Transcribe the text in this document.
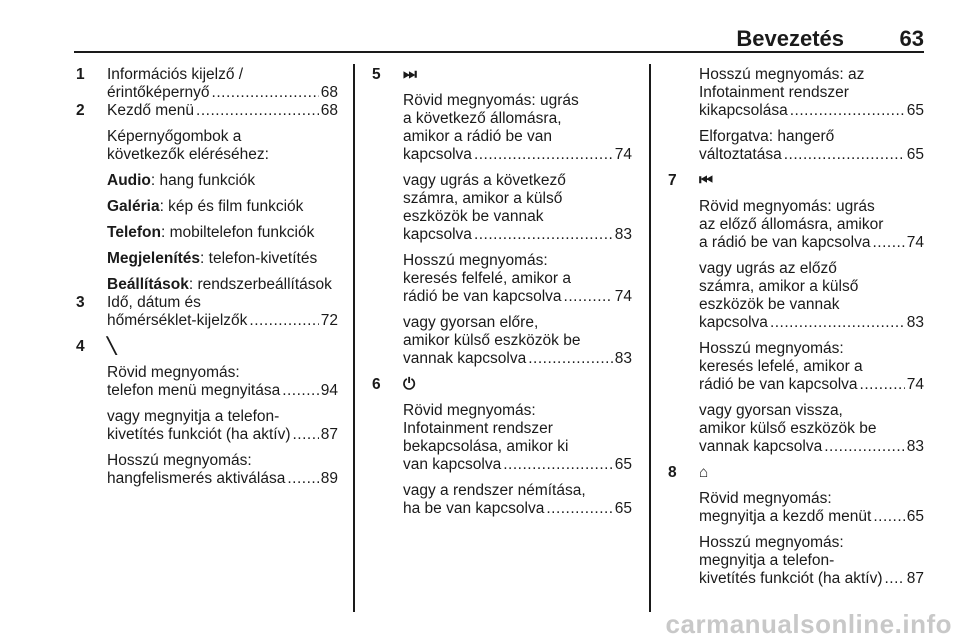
Bevezetés	63
1 Információs kijelző /
érintőképernyő .....	68
2 Kezdő menü .....	68
Képernyőgombok a
következők eléréséhez:
Audio: hang funkciók
Galéria: kép és film funkciók
Telefon: mobiltelefon funkciók
Megjelenítés: telefon-kivetítés
Beállítások: rendszerbeállítások
3 Idő, dátum és
hőmérséklet-kijelzők .....	72
4 ╲
Rövid megnyomás:
telefon menü megnyitása .....	94
vagy megnyitja a telefon-
kivetítés funkciót (ha aktív) ..... 87
Hosszú megnyomás:
hangfelismerés aktiválása ..... 89
5 ⏭
Rövid megnyomás: ugrás
a következő állomásra,
amikor a rádió be van
kapcsolva .....	74
vagy ugrás a következő
számra, amikor a külső
eszközök be vannak
kapcsolva .....	83
Hosszú megnyomás:
keresés felfelé, amikor a
rádió be van kapcsolva .....	74
vagy gyorsan előre,
amikor külső eszközök be
vannak kapcsolva .....	83
6 ⏻
Rövid megnyomás:
Infotainment rendszer
bekapcsolása, amikor ki
van kapcsolva .....	65
vagy a rendszer némítása,
ha be van kapcsolva .....	65
Hosszú megnyomás: az
Infotainment rendszer
kikapcsolása .....	65
Elforgatva: hangerő
változtatása .....	65
7 ⏮
Rövid megnyomás: ugrás
az előző állomásra, amikor
a rádió be van kapcsolva ..... 74
vagy ugrás az előző
számra, amikor a külső
eszközök be vannak
kapcsolva .....	83
Hosszú megnyomás:
keresés lefelé, amikor a
rádió be van kapcsolva .....	74
vagy gyorsan vissza,
amikor külső eszközök be
vannak kapcsolva .....	83
8 ⌂
Rövid megnyomás:
megnyitja a kezdő menüt ..... 65
Hosszú megnyomás:
megnyitja a telefon-
kivetítés funkciót (ha aktív) ..... 87
carmanualsonline.info
